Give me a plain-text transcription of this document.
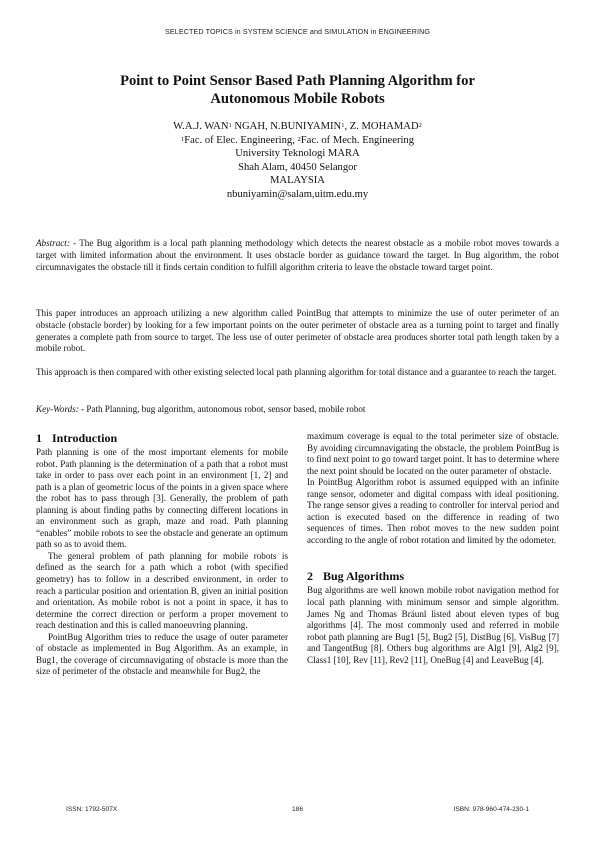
SELECTED TOPICS in SYSTEM SCIENCE and SIMULATION in ENGINEERING
Point to Point Sensor Based Path Planning Algorithm for
Autonomous Mobile Robots
W.A.J. WAN$^1$ NGAH, N.BUNIYAMIN$^1$, Z. MOHAMAD$^2$
$^1$Fac. of Elec. Engineering, $^2$Fac. of Mech. Engineering
University Teknologi MARA
Shah Alam, 40450 Selangor
MALAYSIA
nbuniyamin@salam,uitm.edu.my

Abstract: - The Bug algorithm is a local path planning methodology which detects the nearest obstacle as a mobile robot moves towards a target with limited information about the environment. It uses obstacle border as guidance toward the target. In Bug algorithm, the robot circumnavigates the obstacle till it finds certain condition to fulfill algorithm criteria to leave the obstacle toward target point.

This paper introduces an approach utilizing a new algorithm called PointBug that attempts to minimize the use of outer perimeter of an obstacle (obstacle border) by looking for a few important points on the outer perimeter of obstacle area as a turning point to target and finally generates a complete path from source to target. The less use of outer perimeter of obstacle area produces shorter total path length taken by a mobile robot.
This approach is then compared with other existing selected local path planning algorithm for total distance and a guarantee to reach the target.

Key-Words: - Path Planning, bug algorithm, autonomous robot, sensor based, mobile robot

1 Introduction

Path planning is one of the most important elements for mobile robot. Path planning is the determination of a path that a robot must take in order to pass over each point in an environment [1, 2] and path is a plan of geometric locus of the points in a given space where the robot has to pass through [3]. Generally, the problem of path planning is about finding paths by connecting different locations in an environment such as graph, maze and road. Path planning “enables” mobile robots to see the obstacle and generate an optimum path so as to avoid them.

The general problem of path planning for mobile robots is defined as the search for a path which a robot (with specified geometry) has to follow in a described environment, in order to reach a particular position and orientation B, given an initial position and orientation. As mobile robot is not a point in space, it has to determine the correct direction or perform a proper movement to reach destination and this is called manoeuvring planning.

PointBug Algorithm tries to reduce the usage of outer parameter of obstacle as implemented in Bug Algorithm. As an example, in Bug1, the coverage of circumnavigating of obstacle is more than the size of perimeter of the obstacle and meanwhile for Bug2, the

maximum coverage is equal to the total perimeter size of obstacle. By avoiding circumnavigating the obstacle, the problem PointBug is to find next point to go toward target point. It has to determine where the next point should be located on the outer parameter of obstacle.

In PointBug Algorithm robot is assumed equipped with an infinite range sensor, odometer and digital compass with ideal positioning. The range sensor gives a reading to controller for interval period and action is executed based on the difference in reading of two sequences of times. Then robot moves to the new sudden point according to the angle of robot rotation and limited by the odometer.

2 Bug Algorithms

Bug algorithms are well known mobile robot navigation method for local path planning with minimum sensor and simple algorithm. James Ng and Thomas Bräunl listed about eleven types of bug algorithms [4]. The most commonly used and referred in mobile robot path planning are Bug1 [5], Bug2 [5], DistBug [6], VisBug [7] and TangentBug [8]. Others bug algorithms are Alg1 [9], Alg2 [9], Class1 [10], Rev [11], Rev2 [11], OneBug [4] and LeaveBug [4].

ISSN: 1792-507X	186	ISBN: 978-960-474-230-1
